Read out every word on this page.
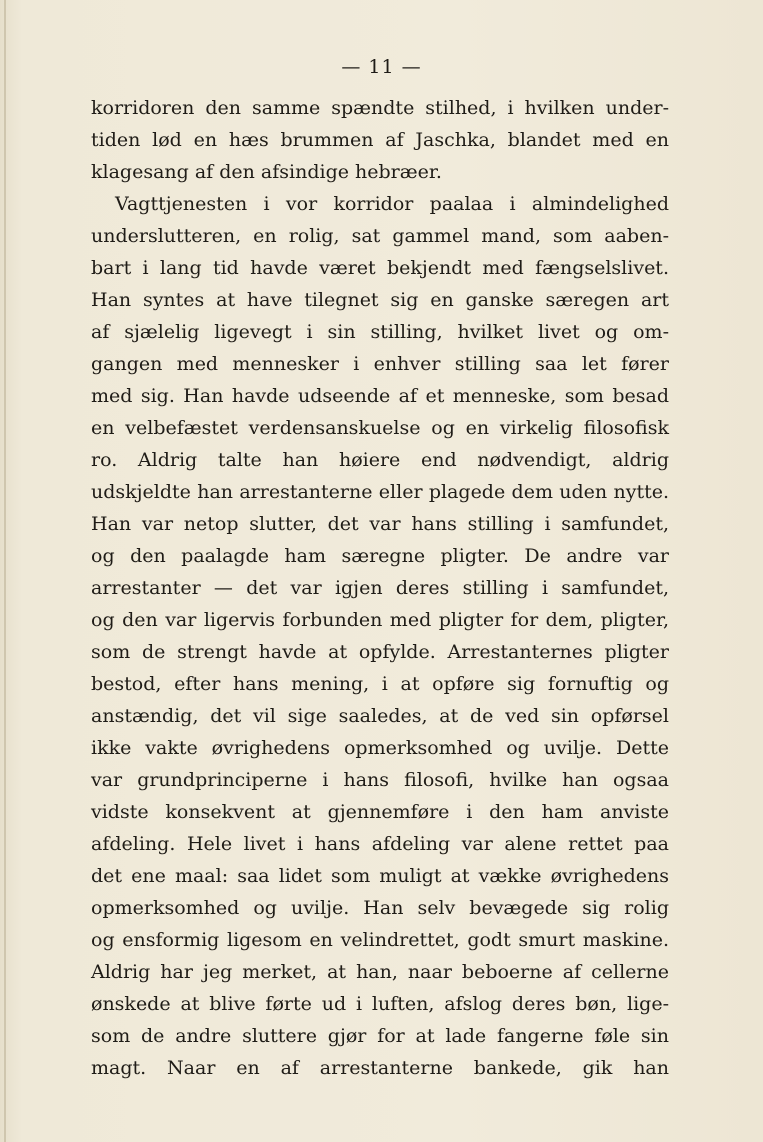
— 11 —
korridoren den samme spændte stilhed, i hvilken under-
tiden lød en hæs brummen af Jaschka, blandet med en
klagesang af den afsindige hebræer.
Vagttjenesten i vor korridor paalaa i almindelighed
underslutteren, en rolig, sat gammel mand, som aaben-
bart i lang tid havde været bekjendt med fængselslivet.
Han syntes at have tilegnet sig en ganske særegen art
af sjælelig ligevegt i sin stilling, hvilket livet og om-
gangen med mennesker i enhver stilling saa let fører
med sig. Han havde udseende af et menneske, som besad
en velbefæstet verdensanskuelse og en virkelig filosofisk
ro. Aldrig talte han høiere end nødvendigt, aldrig
udskjeldte han arrestanterne eller plagede dem uden nytte.
Han var netop slutter, det var hans stilling i samfundet,
og den paalagde ham særegne pligter. De andre var
arrestanter — det var igjen deres stilling i samfundet,
og den var ligervis forbunden med pligter for dem, pligter,
som de strengt havde at opfylde. Arrestanternes pligter
bestod, efter hans mening, i at opføre sig fornuftig og
anstændig, det vil sige saaledes, at de ved sin opførsel
ikke vakte øvrighedens opmerksomhed og uvilje. Dette
var grundprinciperne i hans filosofi, hvilke han ogsaa
vidste konsekvent at gjennemføre i den ham anviste
afdeling. Hele livet i hans afdeling var alene rettet paa
det ene maal: saa lidet som muligt at vække øvrighedens
opmerksomhed og uvilje. Han selv bevægede sig rolig
og ensformig ligesom en velindrettet, godt smurt maskine.
Aldrig har jeg merket, at han, naar beboerne af cellerne
ønskede at blive førte ud i luften, afslog deres bøn, lige-
som de andre sluttere gjør for at lade fangerne føle sin
magt. Naar en af arrestanterne bankede, gik han
